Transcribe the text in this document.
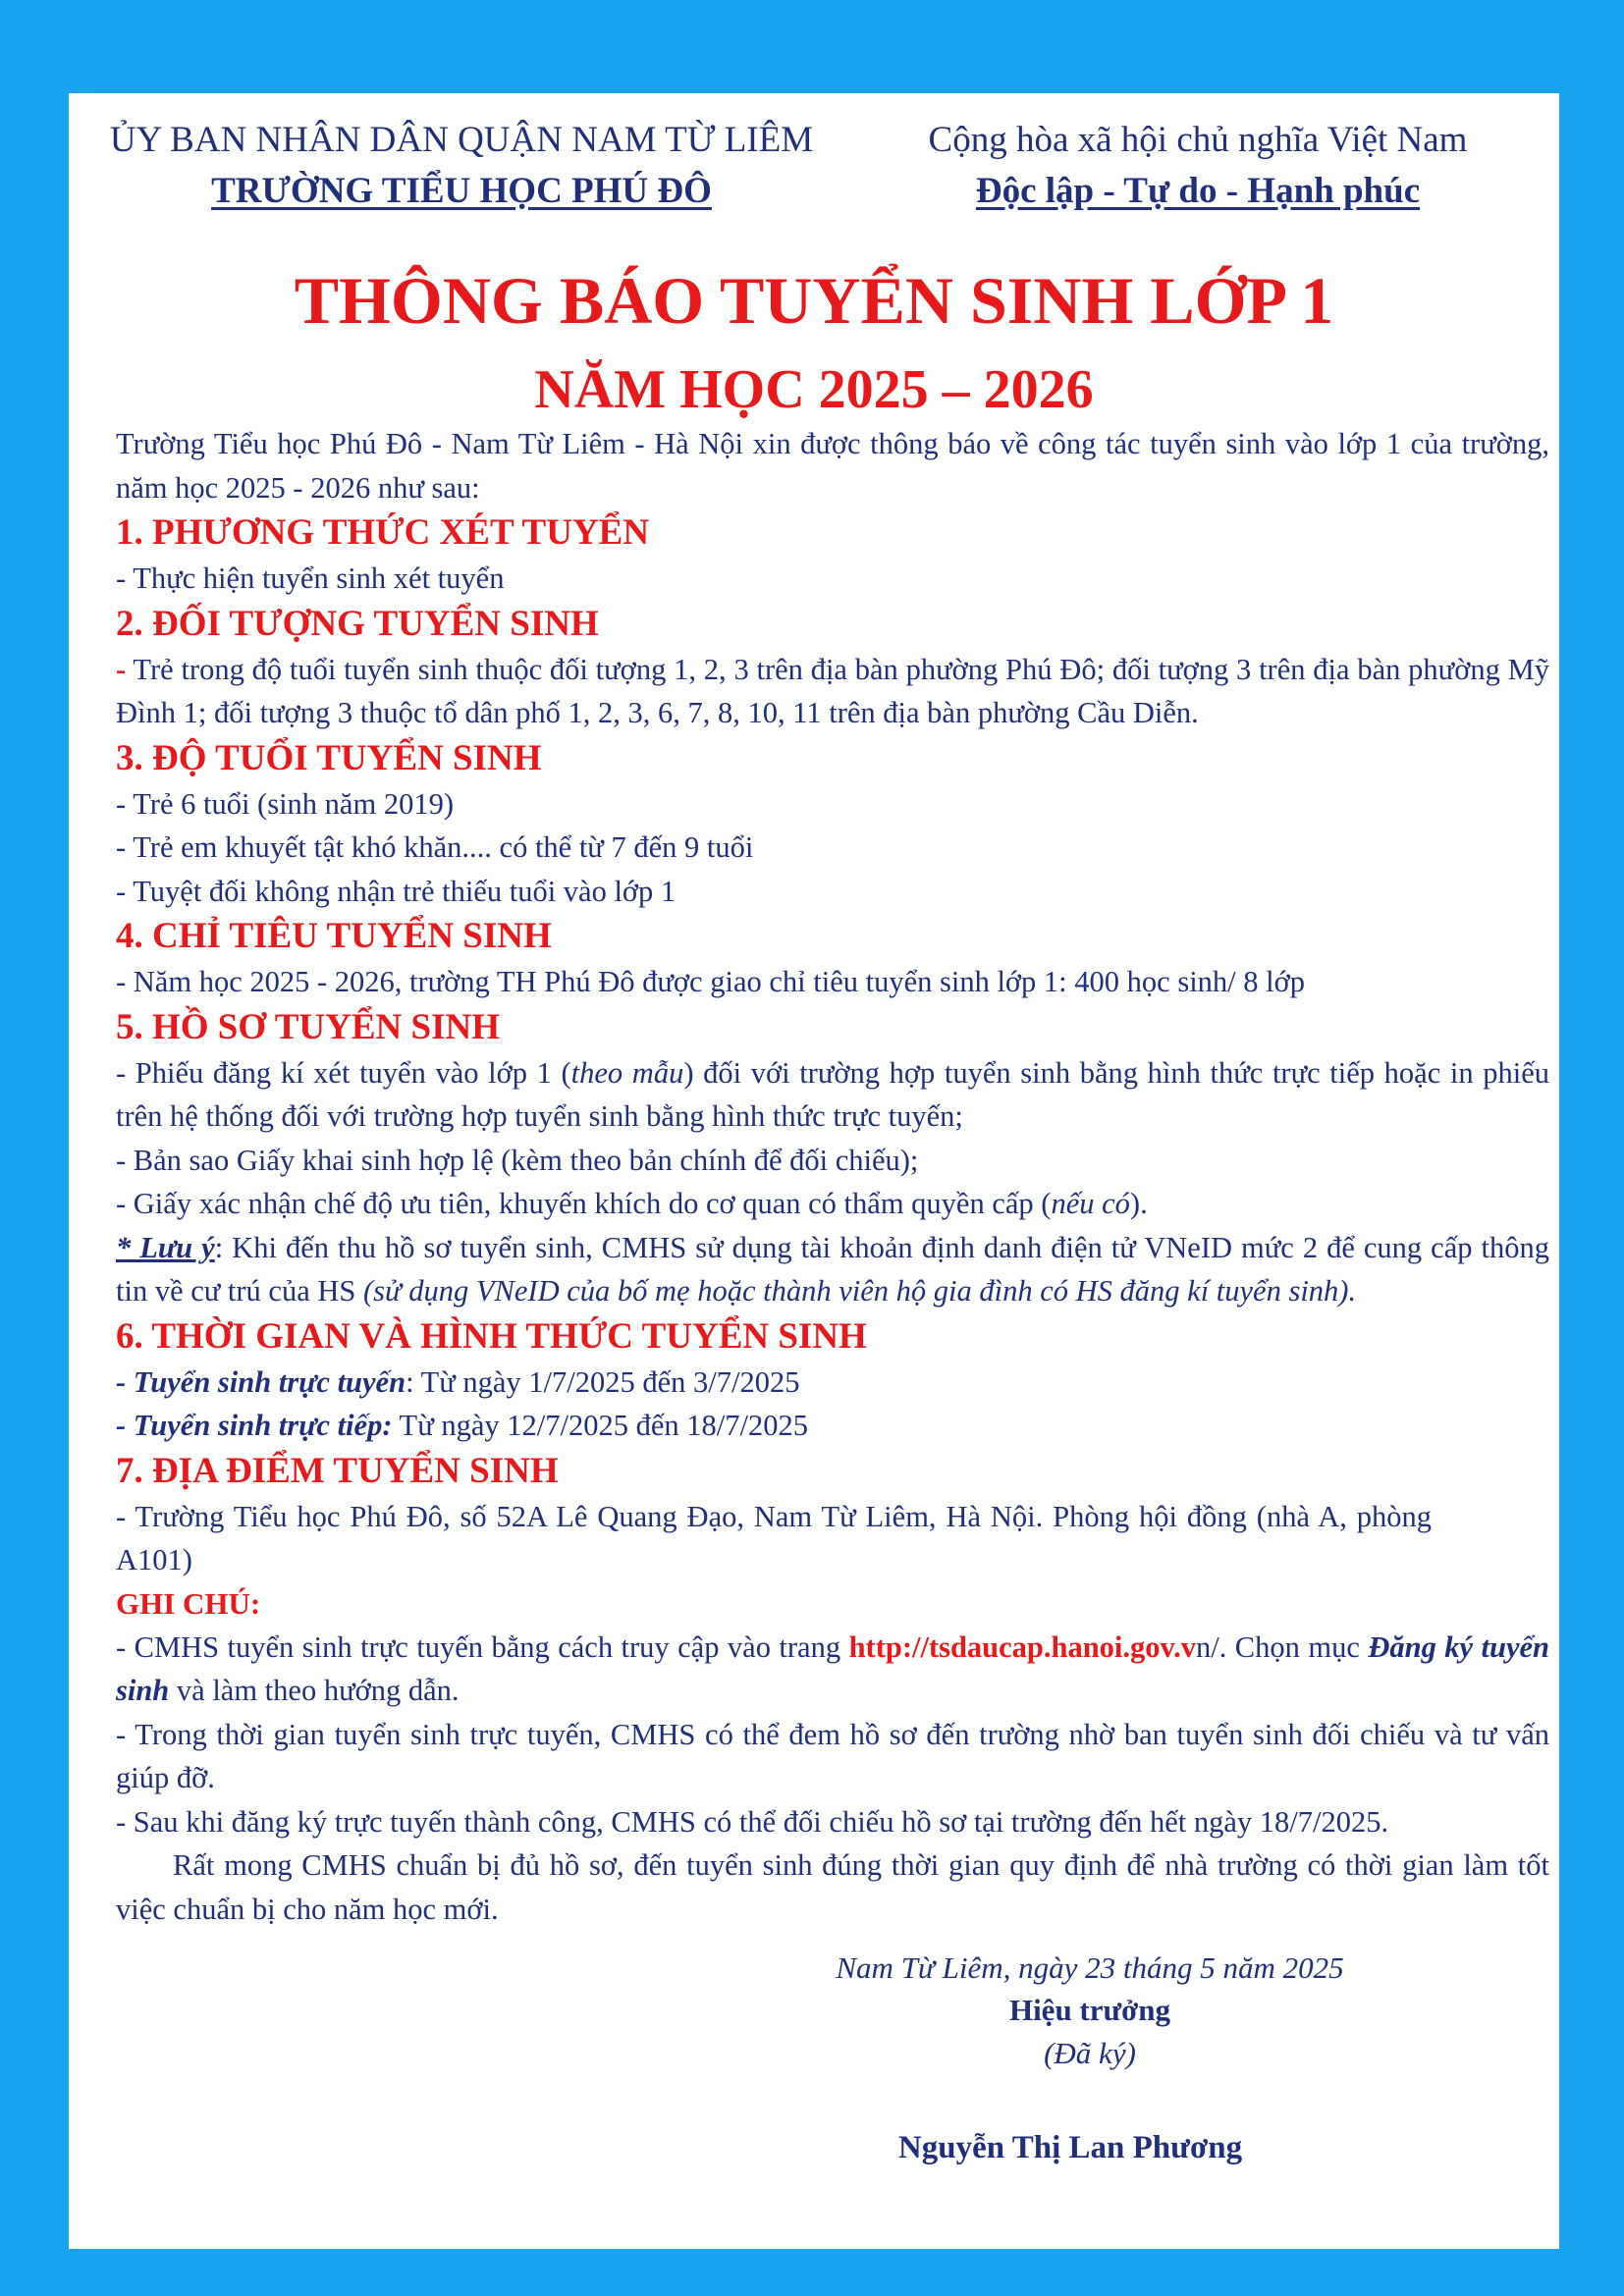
ỦY BAN NHÂN DÂN QUẬN NAM TỪ LIÊM
TRƯỜNG TIỂU HỌC PHÚ ĐÔ
Cộng hòa xã hội chủ nghĩa Việt Nam
Độc lập - Tự do - Hạnh phúc
THÔNG BÁO TUYỂN SINH LỚP 1
NĂM HỌC 2025 – 2026

Trường Tiểu học Phú Đô - Nam Từ Liêm - Hà Nội xin được thông báo về công tác tuyển sinh vào lớp 1 của trường, năm học 2025 - 2026 như sau:

1. PHƯƠNG THỨC XÉT TUYỂN

- Thực hiện tuyển sinh xét tuyển

2. ĐỐI TƯỢNG TUYỂN SINH

- Trẻ trong độ tuổi tuyển sinh thuộc đối tượng 1, 2, 3 trên địa bàn phường Phú Đô; đối tượng 3 trên địa bàn phường Mỹ Đình 1; đối tượng 3 thuộc tổ dân phố 1, 2, 3, 6, 7, 8, 10, 11 trên địa bàn phường Cầu Diễn.

3. ĐỘ TUỔI TUYỂN SINH

- Trẻ 6 tuổi (sinh năm 2019)

- Trẻ em khuyết tật khó khăn.... có thể từ 7 đến 9 tuổi

- Tuyệt đối không nhận trẻ thiếu tuổi vào lớp 1

4. CHỈ TIÊU TUYỂN SINH

- Năm học 2025 - 2026, trường TH Phú Đô được giao chỉ tiêu tuyển sinh lớp 1: 400 học sinh/ 8 lớp

5. HỒ SƠ TUYỂN SINH

- Phiếu đăng kí xét tuyển vào lớp 1 (theo mẫu) đối với trường hợp tuyển sinh bằng hình thức trực tiếp hoặc in phiếu trên hệ thống đối với trường hợp tuyển sinh bằng hình thức trực tuyến;

- Bản sao Giấy khai sinh hợp lệ (kèm theo bản chính để đối chiếu);

- Giấy xác nhận chế độ ưu tiên, khuyến khích do cơ quan có thẩm quyền cấp (nếu có).

* Lưu ý: Khi đến thu hồ sơ tuyển sinh, CMHS sử dụng tài khoản định danh điện tử VNeID mức 2 để cung cấp thông tin về cư trú của HS (sử dụng VNeID của bố mẹ hoặc thành viên hộ gia đình có HS đăng kí tuyển sinh).

6. THỜI GIAN VÀ HÌNH THỨC TUYỂN SINH

- Tuyển sinh trực tuyến: Từ ngày 1/7/2025 đến 3/7/2025

- Tuyển sinh trực tiếp: Từ ngày 12/7/2025 đến 18/7/2025

7. ĐỊA ĐIỂM TUYỂN SINH

- Trường Tiểu học Phú Đô, số 52A Lê Quang Đạo, Nam Từ Liêm, Hà Nội. Phòng hội đồng (nhà A, phòng A101)

GHI CHÚ:

- CMHS tuyển sinh trực tuyến bằng cách truy cập vào trang http://tsdaucap.hanoi.gov.vn/. Chọn mục Đăng ký tuyển sinh và làm theo hướng dẫn.

- Trong thời gian tuyển sinh trực tuyến, CMHS có thể đem hồ sơ đến trường nhờ ban tuyển sinh đối chiếu và tư vấn giúp đỡ.

- Sau khi đăng ký trực tuyến thành công, CMHS có thể đối chiếu hồ sơ tại trường đến hết ngày 18/7/2025.

Rất mong CMHS chuẩn bị đủ hồ sơ, đến tuyển sinh đúng thời gian quy định để nhà trường có thời gian làm tốt việc chuẩn bị cho năm học mới.

Nam Từ Liêm, ngày 23 tháng 5 năm 2025
Hiệu trưởng
(Đã ký)
Nguyễn Thị Lan Phương
